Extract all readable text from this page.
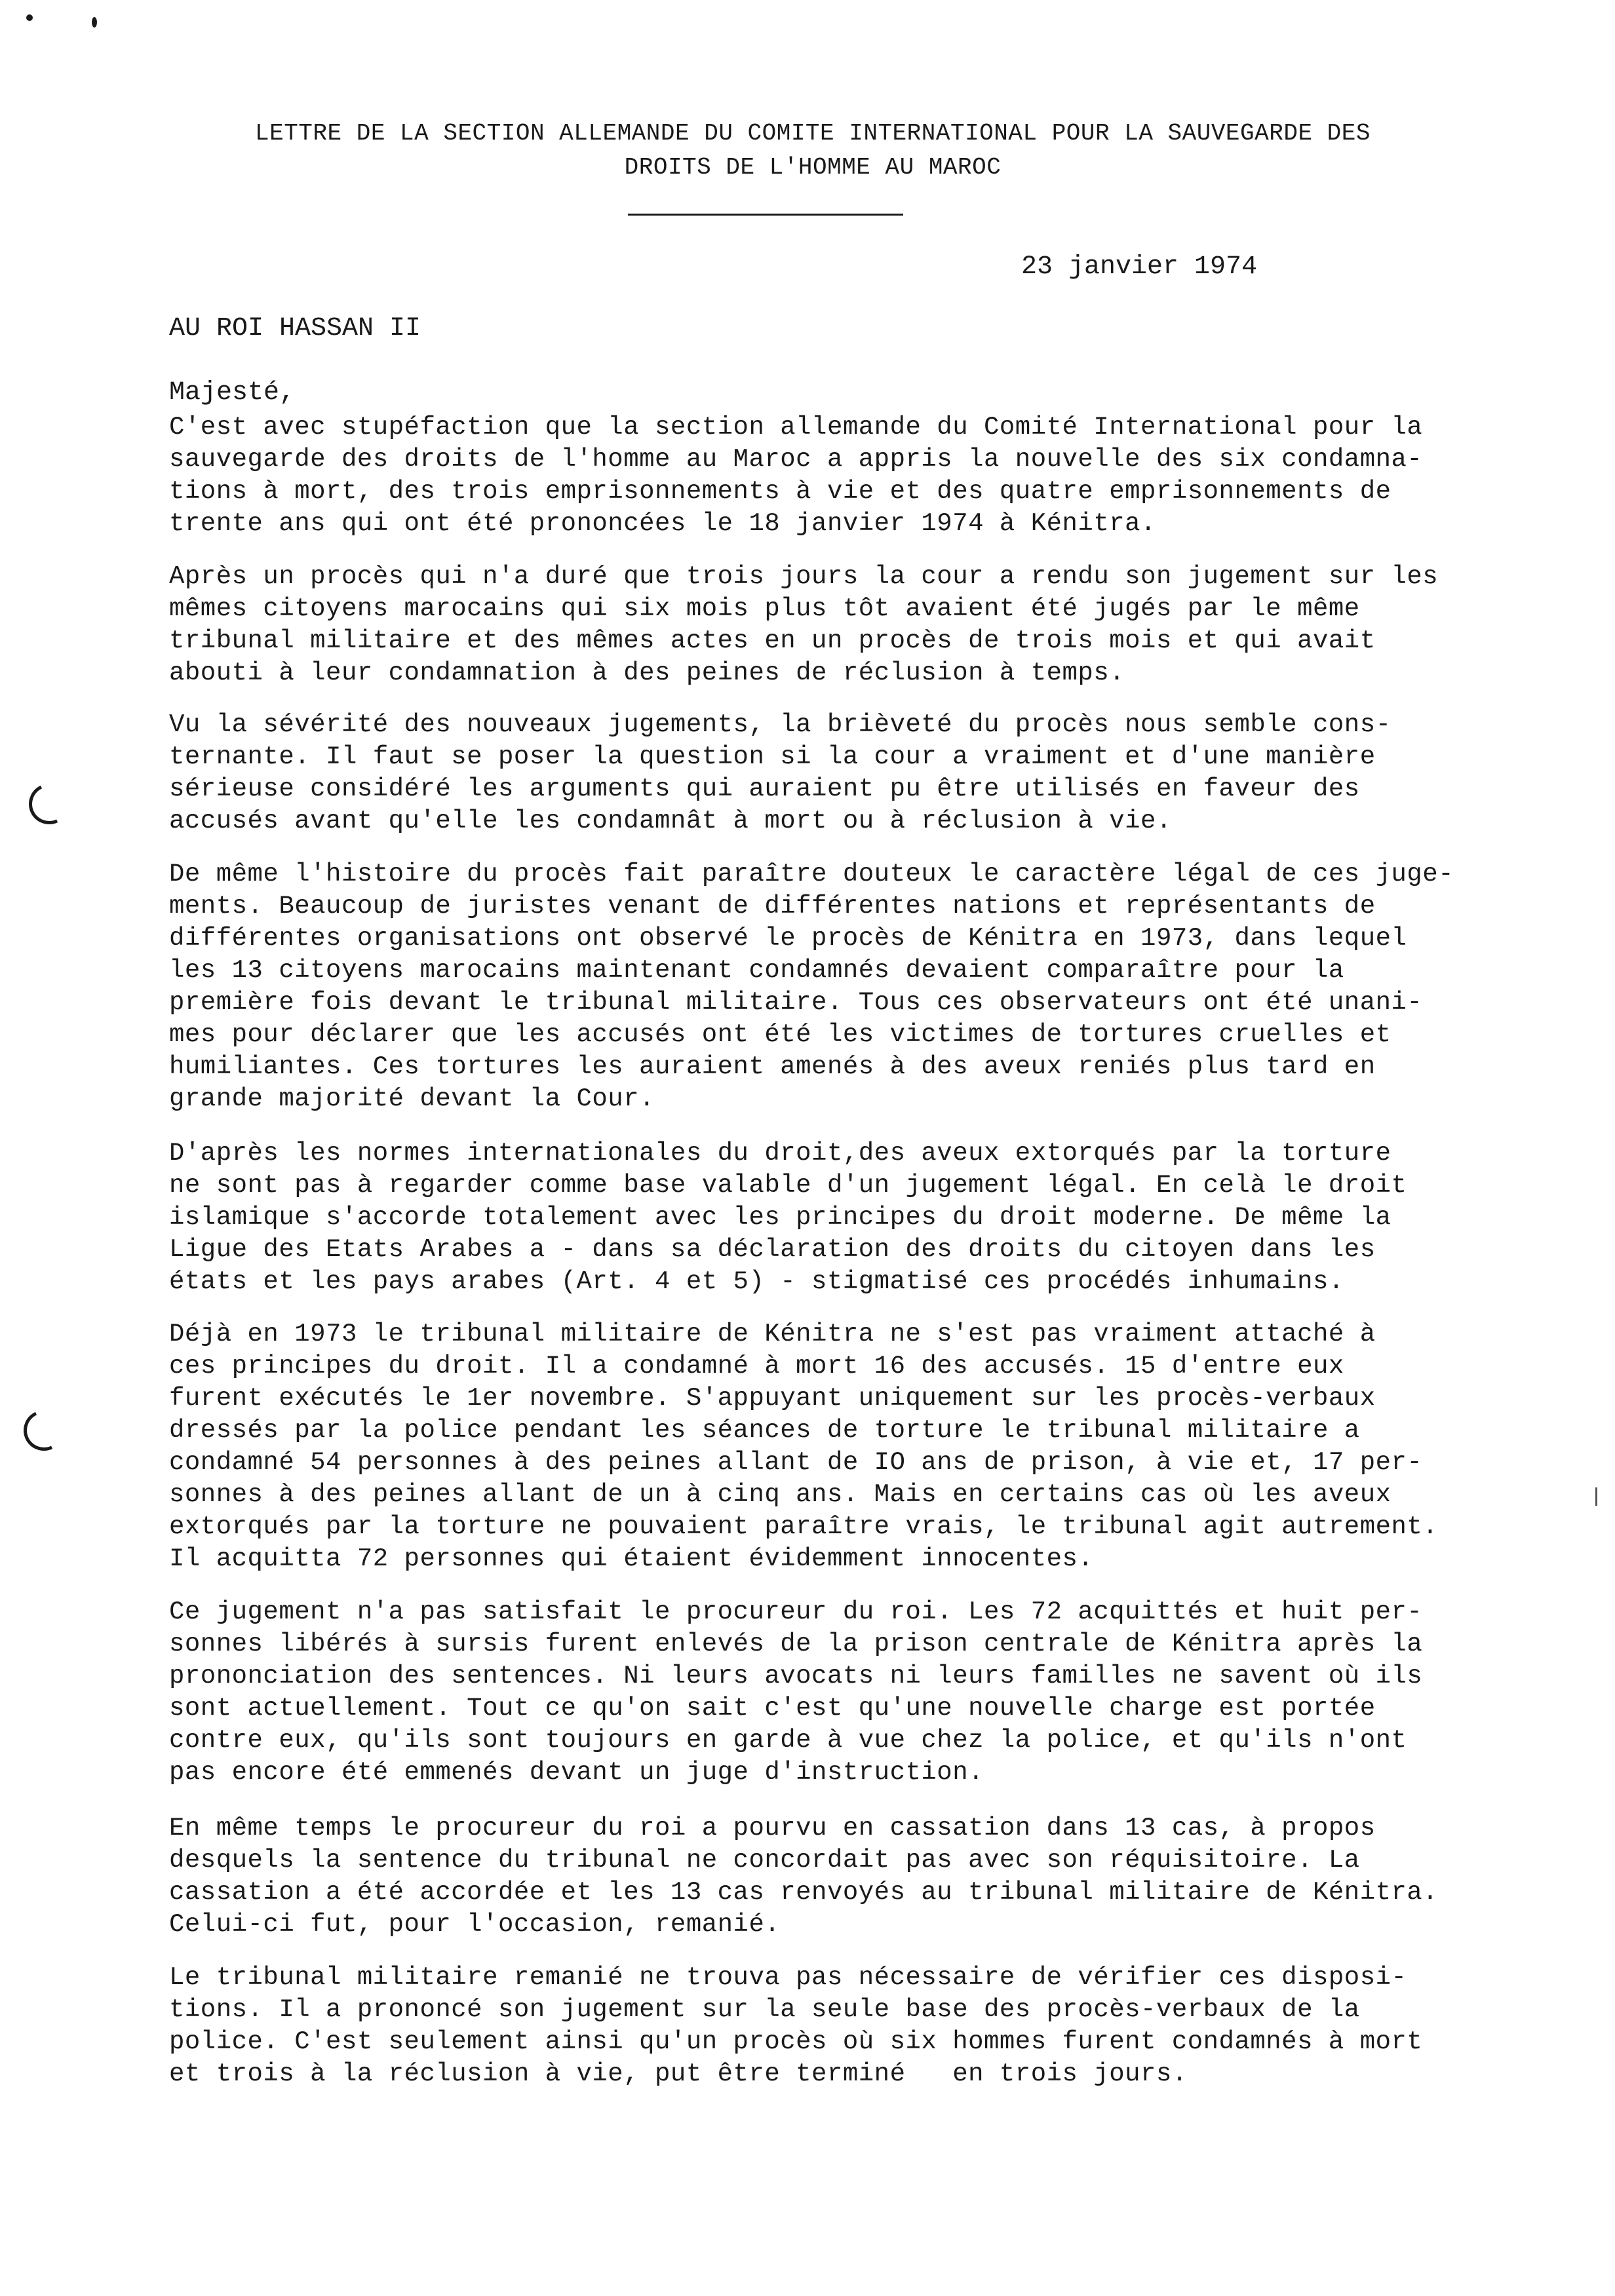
LETTRE DE LA SECTION ALLEMANDE DU COMITE INTERNATIONAL POUR LA SAUVEGARDE DES
DROITS DE L'HOMME AU MAROC
23 janvier 1974
AU ROI HASSAN II
Majesté,
C'est avec stupéfaction que la section allemande du Comité International pour la
sauvegarde des droits de l'homme au Maroc a appris la nouvelle des six condamna-
tions à mort, des trois emprisonnements à vie et des quatre emprisonnements de
trente ans qui ont été prononcées le 18 janvier 1974 à Kénitra.
Après un procès qui n'a duré que trois jours la cour a rendu son jugement sur les
mêmes citoyens marocains qui six mois plus tôt avaient été jugés par le même
tribunal militaire et des mêmes actes en un procès de trois mois et qui avait
abouti à leur condamnation à des peines de réclusion à temps.
Vu la sévérité des nouveaux jugements, la brièveté du procès nous semble cons-
ternante. Il faut se poser la question si la cour a vraiment et d'une manière
sérieuse considéré les arguments qui auraient pu être utilisés en faveur des
accusés avant qu'elle les condamnât à mort ou à réclusion à vie.
De même l'histoire du procès fait paraître douteux le caractère légal de ces juge-
ments. Beaucoup de juristes venant de différentes nations et représentants de
différentes organisations ont observé le procès de Kénitra en 1973, dans lequel
les 13 citoyens marocains maintenant condamnés devaient comparaître pour la
première fois devant le tribunal militaire. Tous ces observateurs ont été unani-
mes pour déclarer que les accusés ont été les victimes de tortures cruelles et
humiliantes. Ces tortures les auraient amenés à des aveux reniés plus tard en
grande majorité devant la Cour.
D'après les normes internationales du droit,des aveux extorqués par la torture
ne sont pas à regarder comme base valable d'un jugement légal. En celà le droit
islamique s'accorde totalement avec les principes du droit moderne. De même la
Ligue des Etats Arabes a - dans sa déclaration des droits du citoyen dans les
états et les pays arabes (Art. 4 et 5) - stigmatisé ces procédés inhumains.
Déjà en 1973 le tribunal militaire de Kénitra ne s'est pas vraiment attaché à
ces principes du droit. Il a condamné à mort 16 des accusés. 15 d'entre eux
furent exécutés le 1er novembre. S'appuyant uniquement sur les procès-verbaux
dressés par la police pendant les séances de torture le tribunal militaire a
condamné 54 personnes à des peines allant de IO ans de prison, à vie et, 17 per-
sonnes à des peines allant de un à cinq ans. Mais en certains cas où les aveux
extorqués par la torture ne pouvaient paraître vrais, le tribunal agit autrement.
Il acquitta 72 personnes qui étaient évidemment innocentes.
Ce jugement n'a pas satisfait le procureur du roi. Les 72 acquittés et huit per-
sonnes libérés à sursis furent enlevés de la prison centrale de Kénitra après la
prononciation des sentences. Ni leurs avocats ni leurs familles ne savent où ils
sont actuellement. Tout ce qu'on sait c'est qu'une nouvelle charge est portée
contre eux, qu'ils sont toujours en garde à vue chez la police, et qu'ils n'ont
pas encore été emmenés devant un juge d'instruction.
En même temps le procureur du roi a pourvu en cassation dans 13 cas, à propos
desquels la sentence du tribunal ne concordait pas avec son réquisitoire. La
cassation a été accordée et les 13 cas renvoyés au tribunal militaire de Kénitra.
Celui-ci fut, pour l'occasion, remanié.
Le tribunal militaire remanié ne trouva pas nécessaire de vérifier ces disposi-
tions. Il a prononcé son jugement sur la seule base des procès-verbaux de la
police. C'est seulement ainsi qu'un procès où six hommes furent condamnés à mort
et trois à la réclusion à vie, put être terminé   en trois jours.
